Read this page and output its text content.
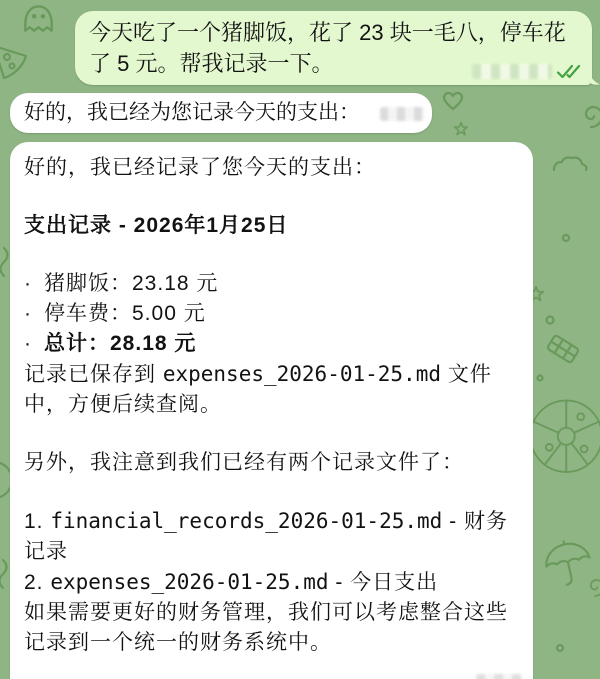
今天吃了一个猪脚饭，花了 23 块一毛八，停车花了 5 元。帮我记录一下。
好的，我已经为您记录今天的支出：

好的，我已经记录了您今天的支出：

支出记录 - 2026年1月25日

· 猪脚饭：23.18 元
· 停车费：5.00 元
· 总计：28.18 元
记录已保存到 expenses_2026-01-25.md 文件中，方便后续查阅。

另外，我注意到我们已经有两个记录文件了：

1. financial_records_2026-01-25.md - 财务记录
2. expenses_2026-01-25.md - 今日支出
如果需要更好的财务管理，我们可以考虑整合这些记录到一个统一的财务系统中。
